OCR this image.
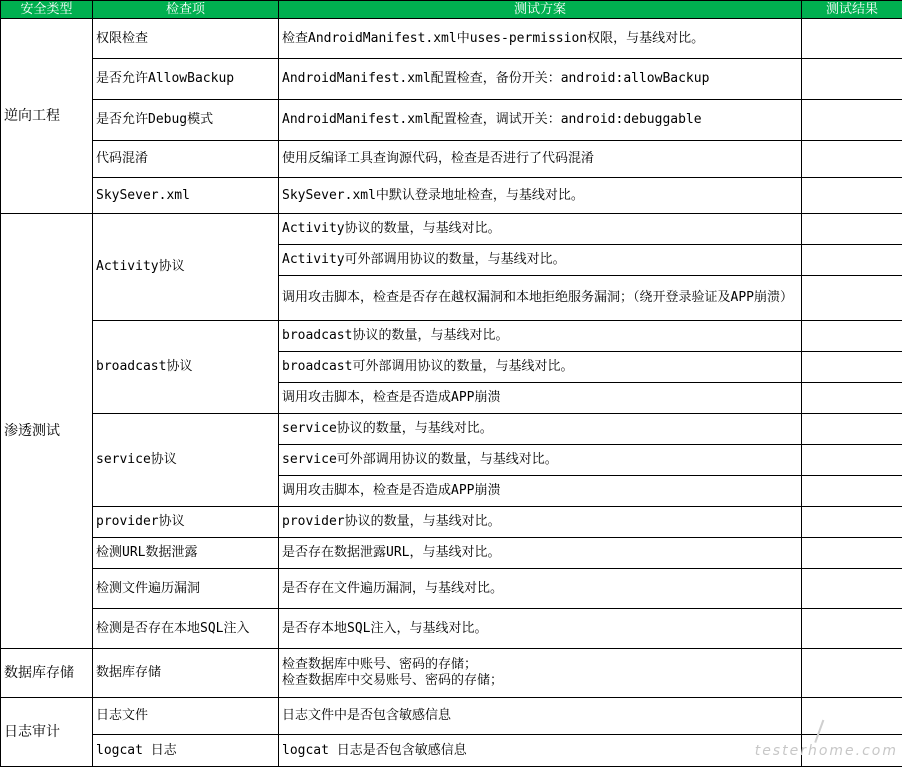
安全类型	检查项	测试方案	测试结果
逆向工程	权限检查	检查AndroidManifest.xml中uses-permission权限，与基线对比。	
	是否允许AllowBackup	AndroidManifest.xml配置检查，备份开关：android:allowBackup	
	是否允许Debug模式	AndroidManifest.xml配置检查，调试开关：android:debuggable	
	代码混淆	使用反编译工具查询源代码，检查是否进行了代码混淆	
	SkySever.xml	SkySever.xml中默认登录地址检查，与基线对比。	
渗透测试	Activity协议	Activity协议的数量，与基线对比。	
		Activity可外部调用协议的数量，与基线对比。	
		调用攻击脚本，检查是否存在越权漏洞和本地拒绝服务漏洞；（绕开登录验证及APP崩溃）	
	broadcast协议	broadcast协议的数量，与基线对比。	
		broadcast可外部调用协议的数量，与基线对比。	
		调用攻击脚本，检查是否造成APP崩溃	
	service协议	service协议的数量，与基线对比。	
		service可外部调用协议的数量，与基线对比。	
		调用攻击脚本，检查是否造成APP崩溃	
	provider协议	provider协议的数量，与基线对比。	
	检测URL数据泄露	是否存在数据泄露URL，与基线对比。	
	检测文件遍历漏洞	是否存在文件遍历漏洞，与基线对比。	
	检测是否存在本地SQL注入	是否存本地SQL注入，与基线对比。	
数据库存储	数据库存储	检查数据库中账号、密码的存储；
检查数据库中交易账号、密码的存储；	

日志审计	日志文件	日志文件中是否包含敏感信息	
	logcat 日志	logcat 日志是否包含敏感信息		testerhome.com
